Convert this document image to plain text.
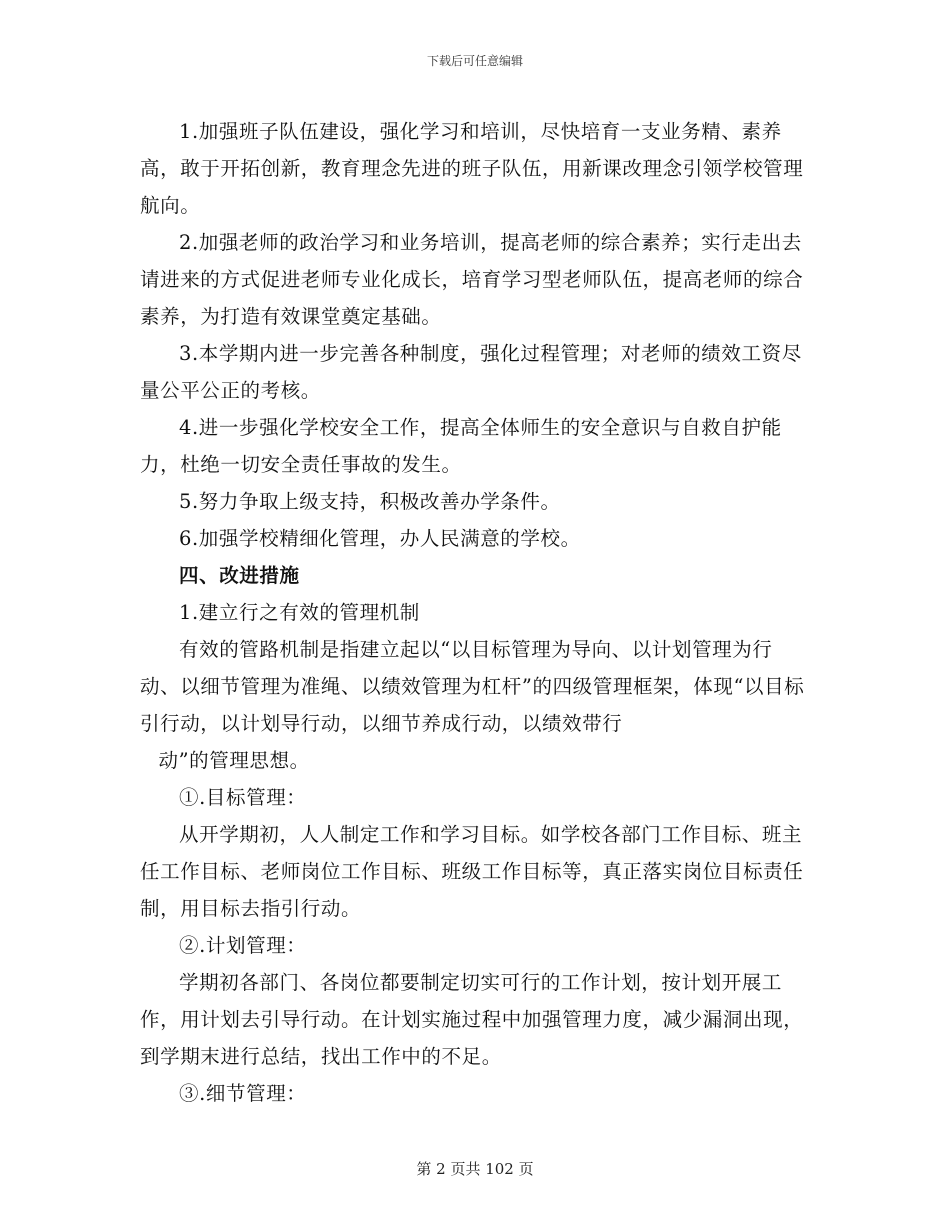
下载后可任意编辑

1.加强班子队伍建设，强化学习和培训，尽快培育一支业务精、素养高，敢于开拓创新，教育理念先进的班子队伍，用新课改理念引领学校管理航向。

2.加强老师的政治学习和业务培训，提高老师的综合素养；实行走出去请进来的方式促进老师专业化成长，培育学习型老师队伍，提高老师的综合素养，为打造有效课堂奠定基础。

3.本学期内进一步完善各种制度，强化过程管理；对老师的绩效工资尽量公平公正的考核。

4.进一步强化学校安全工作，提高全体师生的安全意识与自救自护能力，杜绝一切安全责任事故的发生。

5.努力争取上级支持，积极改善办学条件。

6.加强学校精细化管理，办人民满意的学校。

四、改进措施

1.建立行之有效的管理机制

有效的管路机制是指建立起以“以目标管理为导向、以计划管理为行动、以细节管理为准绳、以绩效管理为杠杆”的四级管理框架，体现“以目标引行动，以计划导行动，以细节养成行动，以绩效带行

动”的管理思想。

①.目标管理：

从开学期初，人人制定工作和学习目标。如学校各部门工作目标、班主任工作目标、老师岗位工作目标、班级工作目标等，真正落实岗位目标责任制，用目标去指引行动。

②.计划管理：

学期初各部门、各岗位都要制定切实可行的工作计划，按计划开展工作，用计划去引导行动。在计划实施过程中加强管理力度，减少漏洞出现，到学期末进行总结，找出工作中的不足。

③.细节管理：

第 2 页共 102 页
